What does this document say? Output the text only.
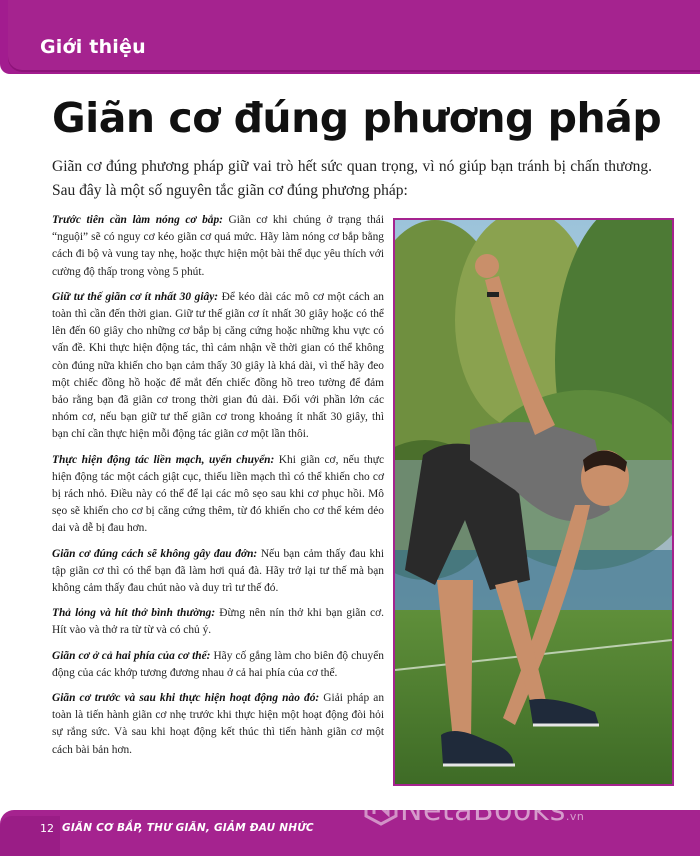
Giới thiệu
Giãn cơ đúng phương pháp

Giãn cơ đúng phương pháp giữ vai trò hết sức quan trọng, vì nó giúp bạn tránh bị chấn thương. Sau đây là một số nguyên tắc giãn cơ đúng phương pháp:

Trước tiên cần làm nóng cơ bắp: Giãn cơ khi chúng ở trạng thái “nguội” sẽ có nguy cơ kéo giãn cơ quá mức. Hãy làm nóng cơ bắp bằng cách đi bộ và vung tay nhẹ, hoặc thực hiện một bài thể dục yêu thích với cường độ thấp trong vòng 5 phút.

Giữ tư thế giãn cơ ít nhất 30 giây: Để kéo dài các mô cơ một cách an toàn thì cần đến thời gian. Giữ tư thế giãn cơ ít nhất 30 giây hoặc có thể lên đến 60 giây cho những cơ bắp bị căng cứng hoặc những khu vực có vấn đề. Khi thực hiện động tác, thì cảm nhận về thời gian có thể không còn đúng nữa khiến cho bạn cảm thấy 30 giây là khá dài, vì thế hãy đeo một chiếc đồng hồ hoặc để mắt đến chiếc đồng hồ treo tường để đảm bảo rằng bạn đã giãn cơ trong thời gian đủ dài. Đối với phần lớn các nhóm cơ, nếu bạn giữ tư thế giãn cơ trong khoảng ít nhất 30 giây, thì bạn chỉ cần thực hiện mỗi động tác giãn cơ một lần thôi.

Thực hiện động tác liền mạch, uyển chuyển: Khi giãn cơ, nếu thực hiện động tác một cách giật cục, thiếu liền mạch thì có thể khiến cho cơ bị rách nhỏ. Điều này có thể để lại các mô sẹo sau khi cơ phục hồi. Mô sẹo sẽ khiến cho cơ bị căng cứng thêm, từ đó khiến cho cơ thể kém dẻo dai và dễ bị đau hơn.

Giãn cơ đúng cách sẽ không gây đau đớn: Nếu bạn cảm thấy đau khi tập giãn cơ thì có thể bạn đã làm hơi quá đà. Hãy trở lại tư thế mà bạn không cảm thấy đau chút nào và duy trì tư thế đó.

Thả lỏng và hít thở bình thường: Đừng nên nín thở khi bạn giãn cơ. Hít vào và thở ra từ từ và có chủ ý.

Giãn cơ ở cả hai phía của cơ thể: Hãy cố gắng làm cho biên độ chuyển động của các khớp tương đương nhau ở cả hai phía của cơ thể.

Giãn cơ trước và sau khi thực hiện hoạt động nào đó: Giải pháp an toàn là tiến hành giãn cơ nhẹ trước khi thực hiện một hoạt động đòi hỏi sự rắng sức. Và sau khi hoạt động kết thúc thì tiến hành giãn cơ một cách bài bản hơn.

12 GIÃN CƠ BẮP, THƯ GIÃN, GIẢM ĐAU NHỨC	NetaBooks.vn
